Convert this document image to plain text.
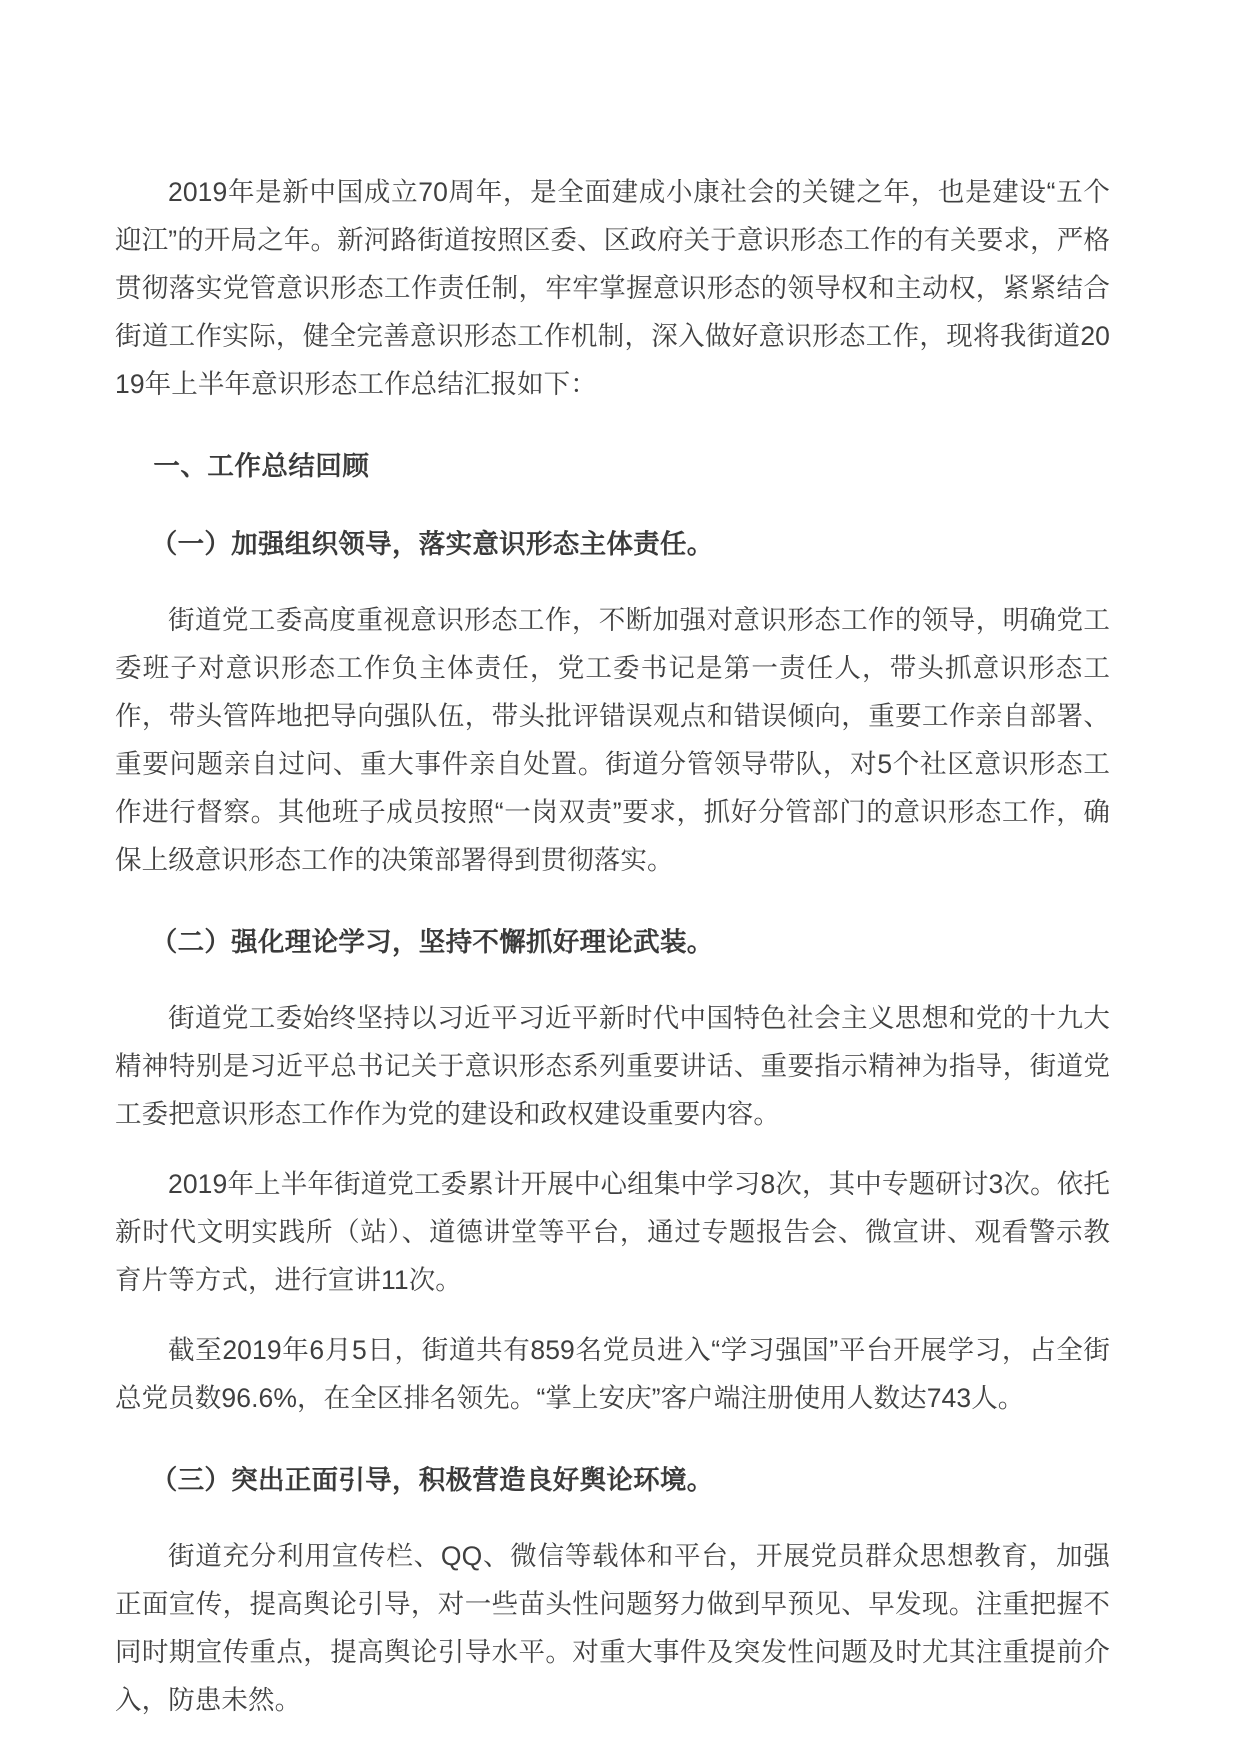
2019年是新中国成立70周年，是全面建成小康社会的关键之年，也是建设“五个迎江”的开局之年。新河路街道按照区委、区政府关于意识形态工作的有关要求，严格贯彻落实党管意识形态工作责任制，牢牢掌握意识形态的领导权和主动权，紧紧结合街道工作实际，健全完善意识形态工作机制，深入做好意识形态工作，现将我街道2019年上半年意识形态工作总结汇报如下：

一、工作总结回顾
（一）加强组织领导，落实意识形态主体责任。

街道党工委高度重视意识形态工作，不断加强对意识形态工作的领导，明确党工委班子对意识形态工作负主体责任，党工委书记是第一责任人，带头抓意识形态工作，带头管阵地把导向强队伍，带头批评错误观点和错误倾向，重要工作亲自部署、重要问题亲自过问、重大事件亲自处置。街道分管领导带队，对5个社区意识形态工作进行督察。其他班子成员按照“一岗双责”要求，抓好分管部门的意识形态工作，确保上级意识形态工作的决策部署得到贯彻落实。

（二）强化理论学习，坚持不懈抓好理论武装。

街道党工委始终坚持以习近平习近平新时代中国特色社会主义思想和党的十九大精神特别是习近平总书记关于意识形态系列重要讲话、重要指示精神为指导，街道党工委把意识形态工作作为党的建设和政权建设重要内容。

2019年上半年街道党工委累计开展中心组集中学习8次，其中专题研讨3次。依托新时代文明实践所（站）、道德讲堂等平台，通过专题报告会、微宣讲、观看警示教育片等方式，进行宣讲11次。

截至2019年6月5日，街道共有859名党员进入“学习强国”平台开展学习，占全街总党员数96.6%，在全区排名领先。“掌上安庆”客户端注册使用人数达743人。

（三）突出正面引导，积极营造良好舆论环境。

街道充分利用宣传栏、QQ、微信等载体和平台，开展党员群众思想教育，加强正面宣传，提高舆论引导，对一些苗头性问题努力做到早预见、早发现。注重把握不同时期宣传重点，提高舆论引导水平。对重大事件及突发性问题及时尤其注重提前介入，防患未然。
